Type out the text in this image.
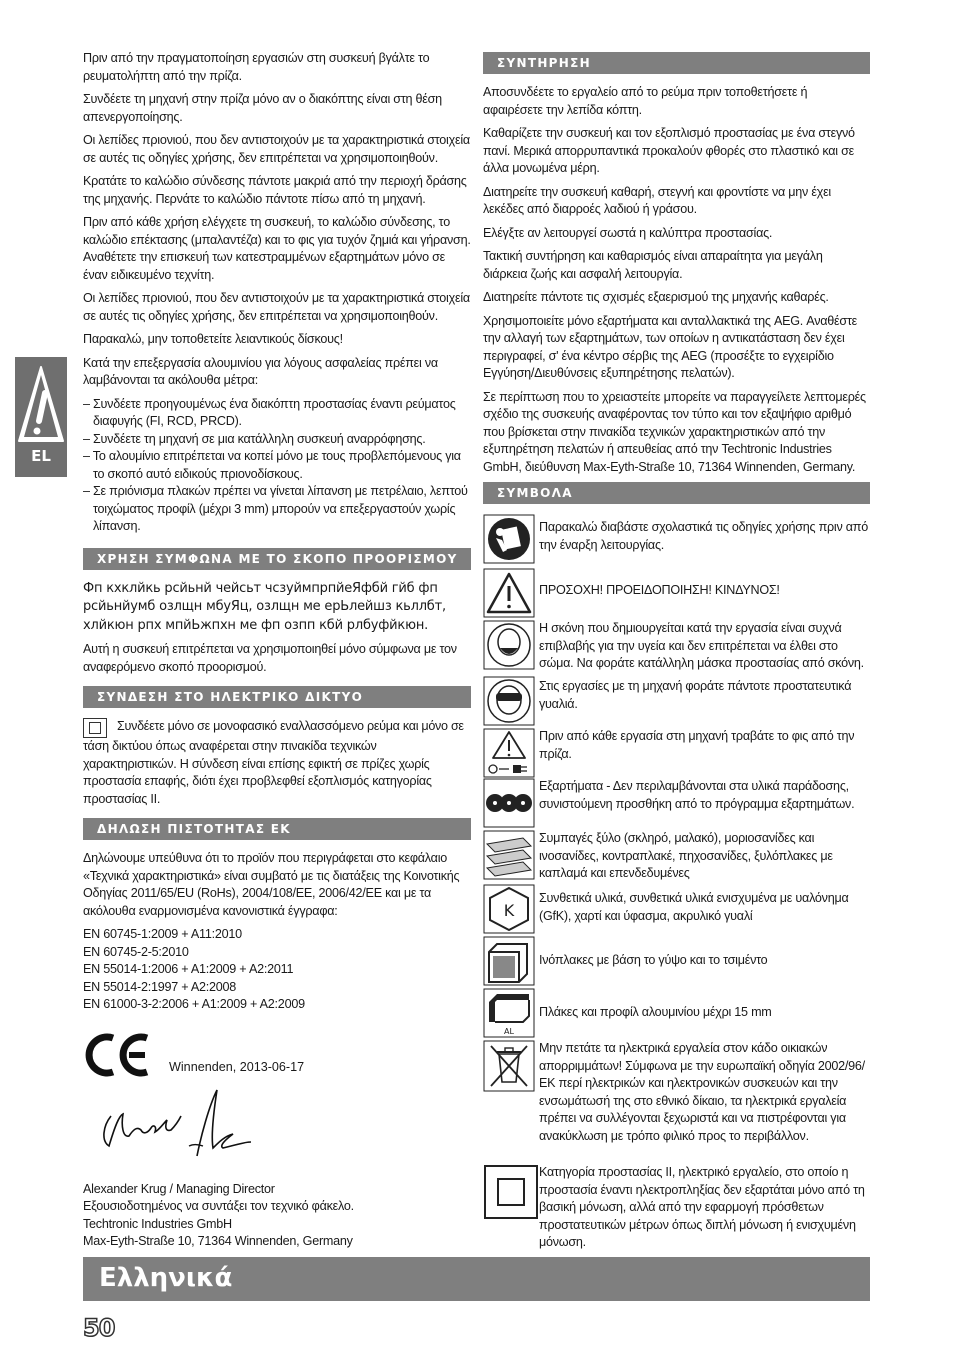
EL

Πριν από την πραγματοποίηση εργασιών στη συσκευή βγάλτε το ρευματολήπτη από την πρίζα.

Συνδέετε τη μηχανή στην πρίζα μόνο αν ο διακόπτης είναι στη θέση απενεργοποίησης.

Οι λεπίδες πριονιού, που δεν αντιστοιχούν με τα χαρακτηριστικά στοιχεία σε αυτές τις οδηγίες χρήσης, δεν επιτρέπεται να χρησιμοποιηθούν.

Κρατάτε το καλώδιο σύνδεσης πάντοτε μακριά από την περιοχή δράσης της μηχανής. Περνάτε το καλώδιο πάντοτε πίσω από τη μηχανή.

Πριν από κάθε χρήση ελέγχετε τη συσκευή, το καλώδιο σύνδεσης, το καλώδιο επέκτασης (μπαλαντέζα) και το φις για τυχόν ζημιά και γήρανση. Αναθέτετε την επισκευή των κατεστραμμένων εξαρτημάτων μόνο σε έναν ειδικευμένο τεχνίτη.

Οι λεπίδες πριονιού, που δεν αντιστοιχούν με τα χαρακτηριστικά στοιχεία σε αυτές τις οδηγίες χρήσης, δεν επιτρέπεται να χρησιμοποιηθούν.

Παρακαλώ, μην τοποθετείτε λειαντικούς δίσκους!

Κατά την επεξεργασία αλουμινίου για λόγους ασφαλείας πρέπει να λαμβάνονται τα ακόλουθα μέτρα:

– Συνδέετε προηγουμένως ένα διακόπτη προστασίας έναντι ρεύματος διαφυγής (FI, RCD, PRCD).

– Συνδέετε τη μηχανή σε μια κατάλληλη συσκευή αναρρόφησης.

– Το αλουμίνιο επιτρέπεται να κοπεί μόνο με τους προβλεπόμενους για το σκοπό αυτό ειδικούς πριονοδίσκους.

– Σε πριόνισμα πλακών πρέπει να γίνεται λίπανση με πετρέλαιο, λεπτού τοιχώματος προφίλ (μέχρι 3 mm) μπορούν να επεξεργαστούν χωρίς λίπανση.

ΧΡΗΣΗ ΣΥΜΦΩΝΑ ΜΕ ΤΟ ΣΚΟΠΟ ΠΡΟΟΡΙΣΜΟΥ

Фп кхклйкь рсйьнй чейсьт чсзуймпрпйеЯфбй гйб фп рсйьнйумб озлщн мбуЯц, озлщн ме ерЬлейшз кьллбт, хлйкюн рпх мпйЬжпхн ме фп озпп кбй рлбуфйкюн.

Αυτή η συσκευή επιτρέπεται να χρησιμοποιηθεί μόνο σύμφωνα με τον αναφερόμενο σκοπό προορισμού.

ΣΥΝΔΕΣΗ ΣΤΟ ΗΛΕΚΤΡΙΚΟ ΔΙΚΤΥΟ

Συνδέετε μόνο σε μονοφασικό εναλλασσόμενο ρεύμα και μόνο σε

τάση δικτύου όπως αναφέρεται στην πινακίδα τεχνικών χαρακτηριστικών. Η σύνδεση είναι επίσης εφικτή σε πρίζες χωρίς προστασία επαφής, διότι έχει προβλεφθεί εξοπλισμός κατηγορίας προστασίας II.

ΔΗΛΩΣΗ ΠΙΣΤΟΤΗΤΑΣ ΕΚ

Δηλώνουμε υπεύθυνα ότι το προϊόν που περιγράφεται στο κεφάλαιο «Τεχνικά χαρακτηριστικά» είναι συμβατό με τις διατάξεις της Κοινοτικής Οδηγίας 2011/65/EU (RoHs), 2004/108/ΕΕ, 2006/42/ΕΕ και με τα ακόλουθα εναρμονισμένα κανονιστικά έγγραφα:

EN 60745-1:2009 + A11:2010

EN 60745-2-5:2010

EN 55014-1:2006 + A1:2009 + A2:2011

EN 55014-2:1997 + A2:2008

EN 61000-3-2:2006 + A1:2009 + A2:2009

Winnenden, 2013-06-17

Alexander Krug / Managing Director

Εξουσιοδοτημένος να συντάξει τον τεχνικό φάκελο.

Techtronic Industries GmbH

Max-Eyth-Straße 10, 71364 Winnenden, Germany

ΣΥΝΤΗΡΗΣΗ

Αποσυνδέετε το εργαλείο από το ρεύμα πριν τοποθετήσετε ή αφαιρέσετε την λεπίδα κόπτη.

Καθαρίζετε την συσκευή και τον εξοπλισμό προστασίας με ένα στεγνό πανί. Μερικά απορρυπαντικά προκαλούν φθορές στο πλαστικό και σε άλλα μονωμένα μέρη.

Διατηρείτε την συσκευή καθαρή, στεγνή και φροντίστε να μην έχει λεκέδες από διαρροές λαδιού ή γράσου.

Ελέγξτε αν λειτουργεί σωστά η καλύπτρα προστασίας.

Τακτική συντήρηση και καθαρισμός είναι απαραίτητα για μεγάλη διάρκεια ζωής και ασφαλή λειτουργία.

Διατηρείτε πάντοτε τις σχισμές εξαερισμού της μηχανής καθαρές.

Χρησιμοποιείτε μόνο εξαρτήματα και ανταλλακτικά της AEG. Αναθέστε την αλλαγή των εξαρτημάτων, των οποίων η αντικατάσταση δεν έχει περιγραφεί, σ' ένα κέντρο σέρβις της AEG (προσέξτε το εγχειρίδιο Εγγύηση/Διευθύνσεις εξυπηρέτησης πελατών).

Σε περίπτωση που το χρειαστείτε μπορείτε να παραγγείλετε λεπτομερές σχέδιο της συσκευής αναφέροντας τον τύπο και τον εξαψήφιο αριθμό που βρίσκεται στην πινακίδα τεχνικών χαρακτηριστικών από την εξυπηρέτηση πελατών ή απευθείας από την Techtronic Industries GmbH, διεύθυνση Max-Eyth-Straße 10, 71364 Winnenden, Germany.

ΣΥΜΒΟΛΑ

Παρακαλώ διαβάστε σχολαστικά τις οδηγίες χρήσης πριν από την έναρξη λειτουργίας.

ΠΡΟΣΟΧΗ! ΠΡΟΕΙΔΟΠΟΙΗΣΗ! ΚΙΝΔΥΝΟΣ!

Η σκόνη που δημιουργείται κατά την εργασία είναι συχνά επιβλαβής για την υγεία και δεν επιτρέπεται να έλθει στο σώμα. Να φοράτε κατάλληλη μάσκα προστασίας από σκόνη.

Στις εργασίες με τη μηχανή φοράτε πάντοτε προστατευτικά γυαλιά.

Πριν από κάθε εργασία στη μηχανή τραβάτε το φις από την πρίζα.

Εξαρτήματα - Δεν περιλαμβάνονται στα υλικά παράδοσης, συνιστούμενη προσθήκη από το πρόγραμμα εξαρτημάτων.

Συμπαγές ξύλο (σκληρό, μαλακό), μοριοσανίδες και ινοσανίδες, κοντραπλακέ, πηχοσανίδες, ξυλόπλακες με καπλαμά και επενδεδυμένες

K

Συνθετικά υλικά, συνθετικά υλικά ενισχυμένα με υαλόνημα (GfK), χαρτί και ύφασμα, ακρυλικό γυαλί

Ινόπλακες με βάση το γύψο και το τσιμέντο

AL

Πλάκες και προφίλ αλουμινίου μέχρι 15 mm

Μην πετάτε τα ηλεκτρικά εργαλεία στον κάδο οικιακών απορριμμάτων! Σύμφωνα με την ευρωπαϊκή οδηγία 2002/96/ΕΚ περί ηλεκτρικών και ηλεκτρονικών συσκευών και την ενσωμάτωσή της στο εθνικό δίκαιο, τα ηλεκτρικά εργαλεία πρέπει να συλλέγονται ξεχωριστά και να πιστρέφονται για ανακύκλωση με τρόπο φιλικό προς το περιβάλλον.

Κατηγορία προστασίας II, ηλεκτρικό εργαλείο, στο οποίο η προστασία έναντι ηλεκτροπληξίας δεν εξαρτάται μόνο από τη βασική μόνωση, αλλά από την εφαρμογή πρόσθετων προστατευτικών μέτρων όπως διπλή μόνωση ή ενισχυμένη μόνωση.

Ελληνικά
50
